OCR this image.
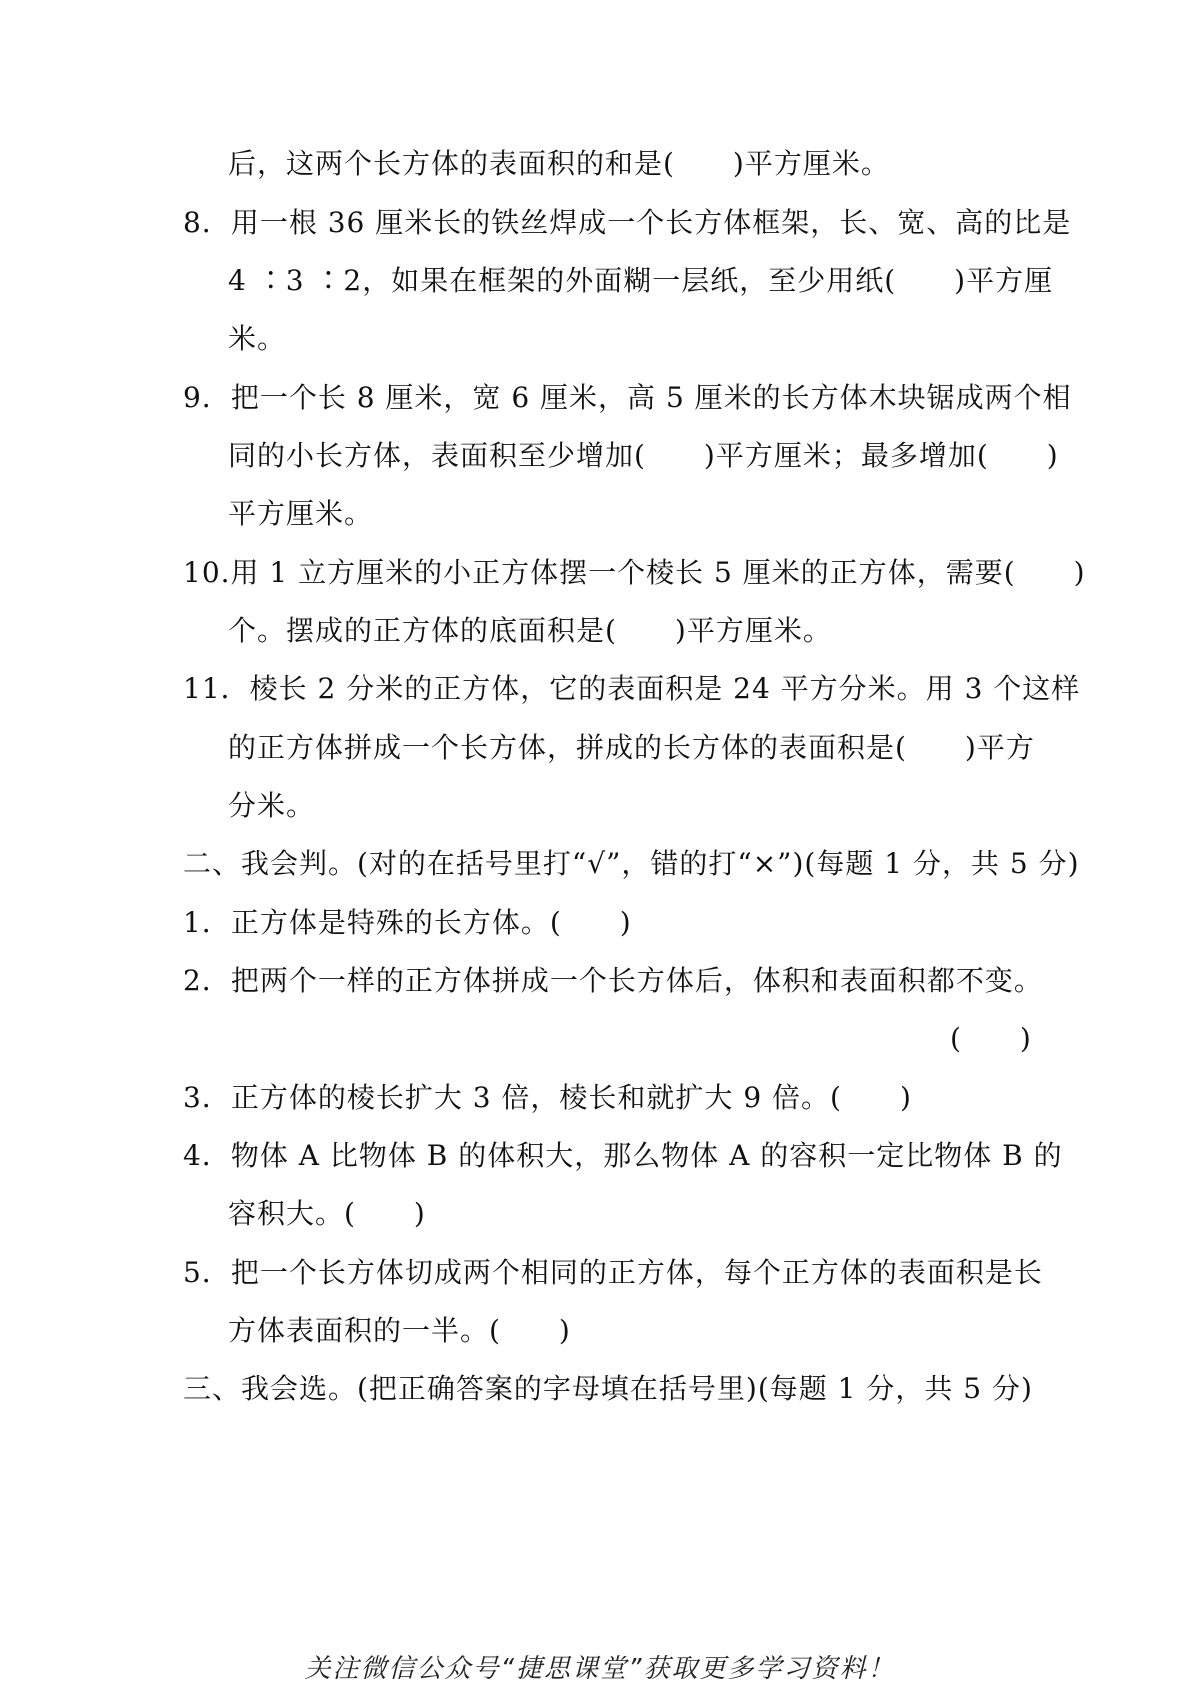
后，这两个长方体的表面积的和是(　　)平方厘米。
8．用一根 36 厘米长的铁丝焊成一个长方体框架，长、宽、高的比是
4 ∶3 ∶2，如果在框架的外面糊一层纸，至少用纸(　　)平方厘
米。
9．把一个长 8 厘米，宽 6 厘米，高 5 厘米的长方体木块锯成两个相
同的小长方体，表面积至少增加(　　)平方厘米；最多增加(　　)
平方厘米。
10.用 1 立方厘米的小正方体摆一个棱长 5 厘米的正方体，需要(　　)
个。摆成的正方体的底面积是(　　)平方厘米。
11．棱长 2 分米的正方体，它的表面积是 24 平方分米。用 3 个这样
的正方体拼成一个长方体，拼成的长方体的表面积是(　　)平方
分米。
二、我会判。(对的在括号里打“√”，错的打“×”)(每题 1 分，共 5 分)
1．正方体是特殊的长方体。(　　)
2．把两个一样的正方体拼成一个长方体后，体积和表面积都不变。
(　　)
3．正方体的棱长扩大 3 倍，棱长和就扩大 9 倍。(　　)
4．物体 A 比物体 B 的体积大，那么物体 A 的容积一定比物体 B 的
容积大。(　　)
5．把一个长方体切成两个相同的正方体，每个正方体的表面积是长
方体表面积的一半。(　　)
三、我会选。(把正确答案的字母填在括号里)(每题 1 分，共 5 分)
关注微信公众号“捷思课堂”获取更多学习资料！
